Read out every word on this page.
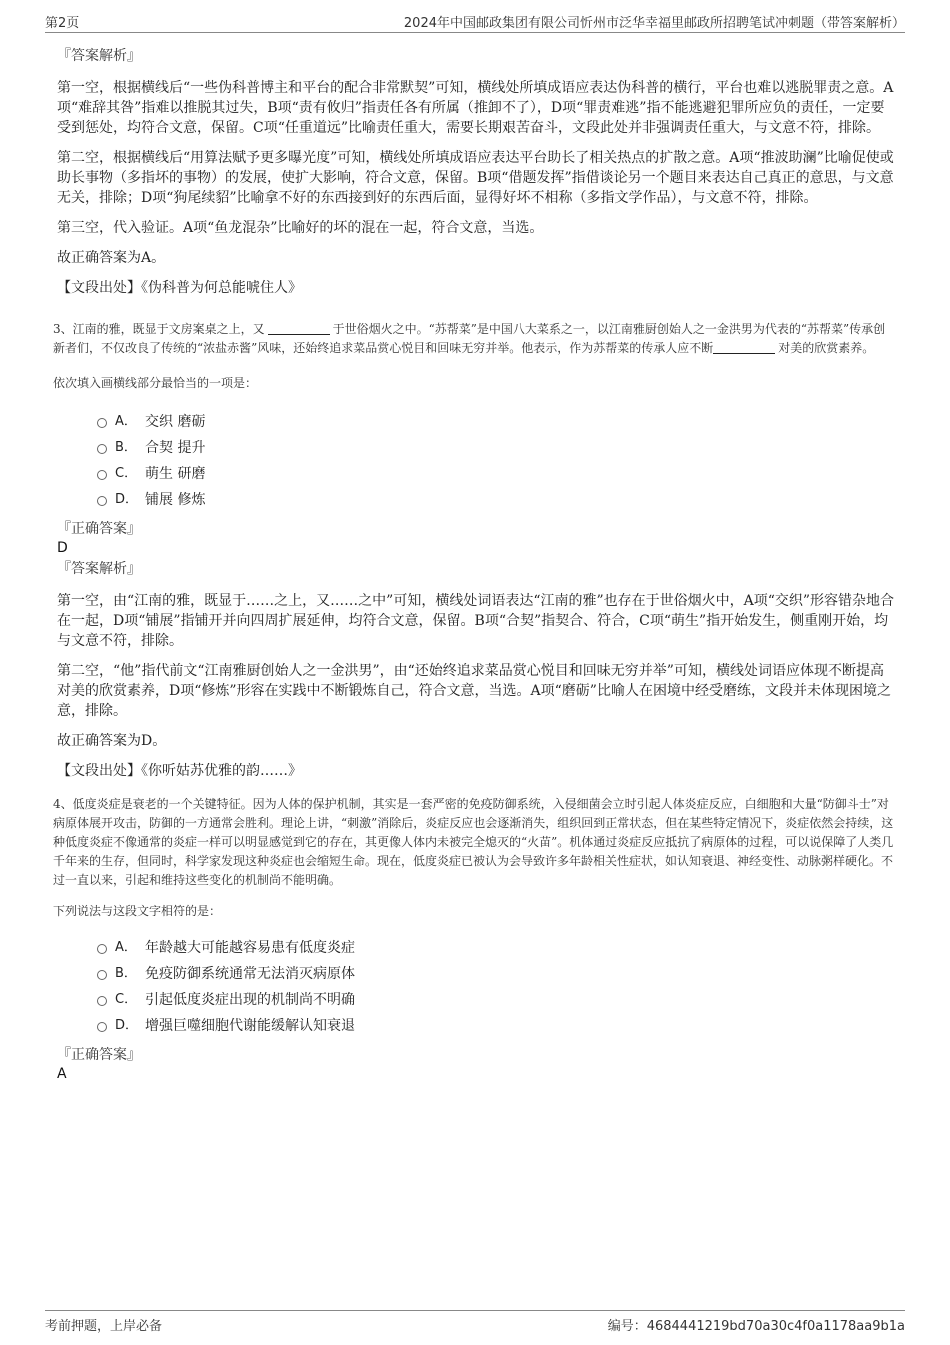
第2页	2024年中国邮政集团有限公司忻州市泛华幸福里邮政所招聘笔试冲刺题（带答案解析）
『答案解析』

第一空，根据横线后“一些伪科普博主和平台的配合非常默契”可知，横线处所填成语应表达伪科普的横行，平台也难以逃脱罪责之意。A项“难辞其咎”指难以推脱其过失，B项“责有攸归”指责任各有所属（推卸不了），D项“罪责难逃”指不能逃避犯罪所应负的责任，一定要受到惩处，均符合文意，保留。C项“任重道远”比喻责任重大，需要长期艰苦奋斗，文段此处并非强调责任重大，与文意不符，排除。

第二空，根据横线后“用算法赋予更多曝光度”可知，横线处所填成语应表达平台助长了相关热点的扩散之意。A项“推波助澜”比喻促使或助长事物（多指坏的事物）的发展，使扩大影响，符合文意，保留。B项“借题发挥”指借谈论另一个题目来表达自己真正的意思，与文意无关，排除；D项“狗尾续貂”比喻拿不好的东西接到好的东西后面，显得好坏不相称（多指文学作品），与文意不符，排除。

第三空，代入验证。A项“鱼龙混杂”比喻好的坏的混在一起，符合文意，当选。

故正确答案为A。

【文段出处】《伪科普为何总能唬住人》

3、江南的雅，既显于文房案桌之上，又	于世俗烟火之中。“苏帮菜”是中国八大菜系之一，以江南雅厨创始人之一金洪男为代表的“苏帮菜”传承创新者们，不仅改良了传统的“浓盐赤酱”风味，还始终追求菜品赏心悦目和回味无穷并举。他表示，作为苏帮菜的传承人应不断	对美的欣赏素养。
依次填入画横线部分最恰当的一项是：
A． 交织 磨砺
B． 合契 提升
C． 萌生 研磨
D． 铺展 修炼
『正确答案』
D
『答案解析』

第一空，由“江南的雅，既显于……之上，又……之中”可知，横线处词语表达“江南的雅”也存在于世俗烟火中，A项“交织”形容错杂地合在一起，D项“铺展”指铺开并向四周扩展延伸，均符合文意，保留。B项“合契”指契合、符合，C项“萌生”指开始发生，侧重刚开始，均与文意不符，排除。

第二空，“他”指代前文“江南雅厨创始人之一金洪男”，由“还始终追求菜品赏心悦目和回味无穷并举”可知，横线处词语应体现不断提高对美的欣赏素养，D项“修炼”形容在实践中不断锻炼自己，符合文意，当选。A项“磨砺”比喻人在困境中经受磨练，文段并未体现困境之意，排除。

故正确答案为D。

【文段出处】《你听姑苏优雅的韵……》

4、低度炎症是衰老的一个关键特征。因为人体的保护机制，其实是一套严密的免疫防御系统，入侵细菌会立时引起人体炎症反应，白细胞和大量“防御斗士”对病原体展开攻击，防御的一方通常会胜利。理论上讲，“刺激”消除后，炎症反应也会逐渐消失，组织回到正常状态，但在某些特定情况下，炎症依然会持续，这种低度炎症不像通常的炎症一样可以明显感觉到它的存在，其更像人体内未被完全熄灭的“火苗”。机体通过炎症反应抵抗了病原体的过程，可以说保障了人类几千年来的生存，但同时，科学家发现这种炎症也会缩短生命。现在，低度炎症已被认为会导致许多年龄相关性症状，如认知衰退、神经变性、动脉粥样硬化。不过一直以来，引起和维持这些变化的机制尚不能明确。
下列说法与这段文字相符的是：
A． 年龄越大可能越容易患有低度炎症
B． 免疫防御系统通常无法消灭病原体
C． 引起低度炎症出现的机制尚不明确
D． 增强巨噬细胞代谢能缓解认知衰退
『正确答案』
A
考前押题，上岸必备	编号：4684441219bd70a30c4f0a1178aa9b1a
